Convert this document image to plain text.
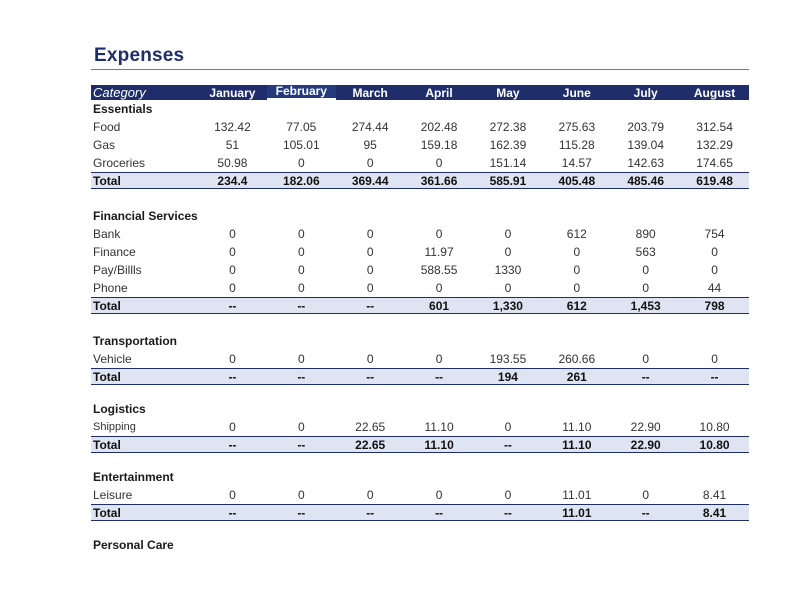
Expenses
Category	January	February	March	April	May	June	July	August
Essentials
Food	132.42	77.05	274.44	202.48	272.38	275.63	203.79	312.54
Gas	51	105.01	95	159.18	162.39	115.28	139.04	132.29
Groceries	50.98	0	0	0	151.14	14.57	142.63	174.65
Total	234.4	182.06	369.44	361.66	585.91	405.48	485.46	619.48
Financial Services
Bank	0	0	0	0	0	612	890	754
Finance	0	0	0	11.97	0	0	563	0
Pay/Billls	0	0	0	588.55	1330	0	0	0
Phone	0	0	0	0	0	0	0	44
Total	--	--	--	601	1,330	612	1,453	798
Transportation
Vehicle	0	0	0	0	193.55	260.66	0	0
Total	--	--	--	--	194	261	--	--
Logistics
Shipping	0	0	22.65	11.10	0	11.10	22.90	10.80
Total	--	--	22.65	11.10	--	11.10	22.90	10.80
Entertainment
Leisure	0	0	0	0	0	11.01	0	8.41
Total	--	--	--	--	--	11.01	--	8.41
Personal Care
